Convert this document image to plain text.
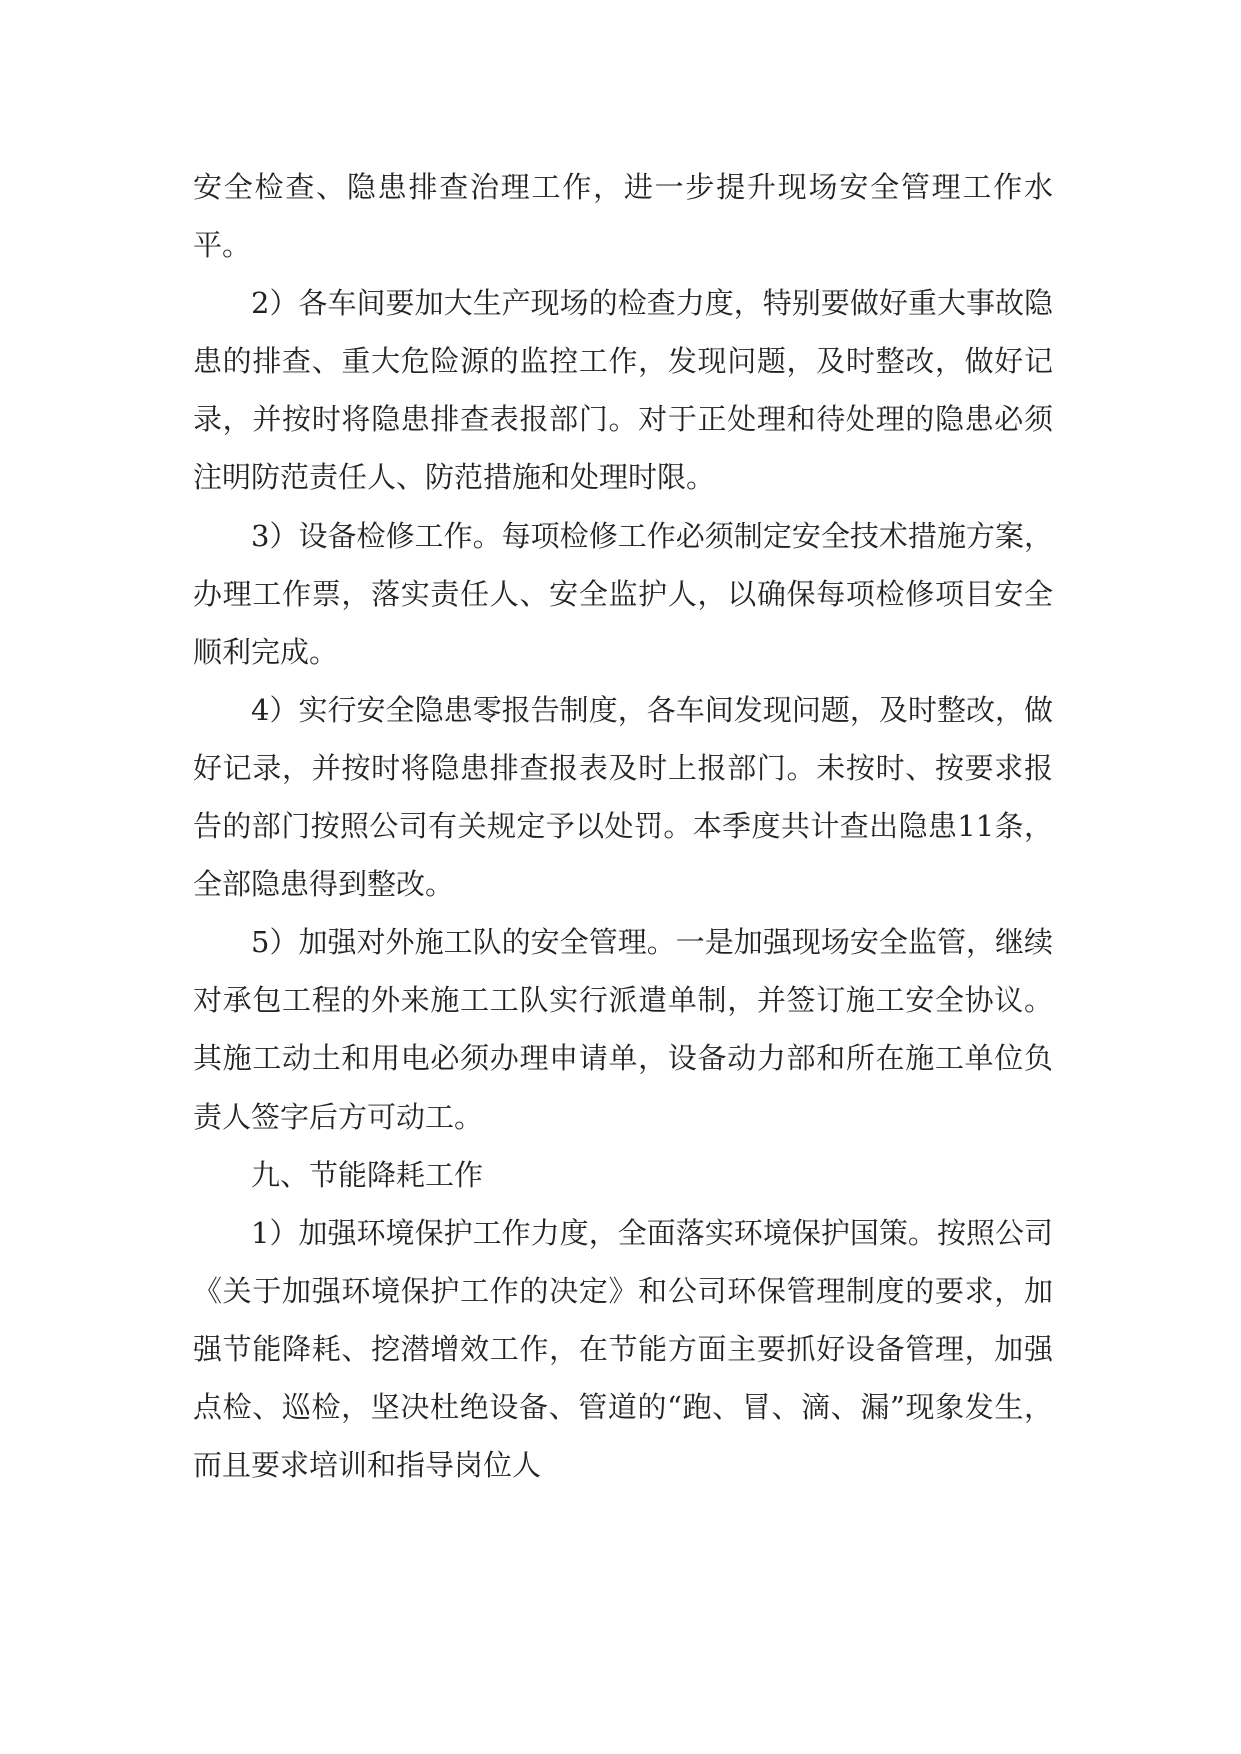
安全检查、隐患排查治理工作，进一步提升现场安全管理工作水平。

2）各车间要加大生产现场的检查力度，特别要做好重大事故隐患的排查、重大危险源的监控工作，发现问题，及时整改，做好记录，并按时将隐患排查表报部门。对于正处理和待处理的隐患必须注明防范责任人、防范措施和处理时限。

3）设备检修工作。每项检修工作必须制定安全技术措施方案，办理工作票，落实责任人、安全监护人，以确保每项检修项目安全顺利完成。

4）实行安全隐患零报告制度，各车间发现问题，及时整改，做好记录，并按时将隐患排查报表及时上报部门。未按时、按要求报告的部门按照公司有关规定予以处罚。本季度共计查出隐患11条，全部隐患得到整改。

5）加强对外施工队的安全管理。一是加强现场安全监管，继续对承包工程的外来施工工队实行派遣单制，并签订施工安全协议。其施工动土和用电必须办理申请单，设备动力部和所在施工单位负责人签字后方可动工。

九、节能降耗工作

1）加强环境保护工作力度，全面落实环境保护国策。按照公司《关于加强环境保护工作的决定》和公司环保管理制度的要求，加强节能降耗、挖潜增效工作，在节能方面主要抓好设备管理，加强点检、巡检，坚决杜绝设备、管道的“跑、冒、滴、漏”现象发生，而且要求培训和指导岗位人
